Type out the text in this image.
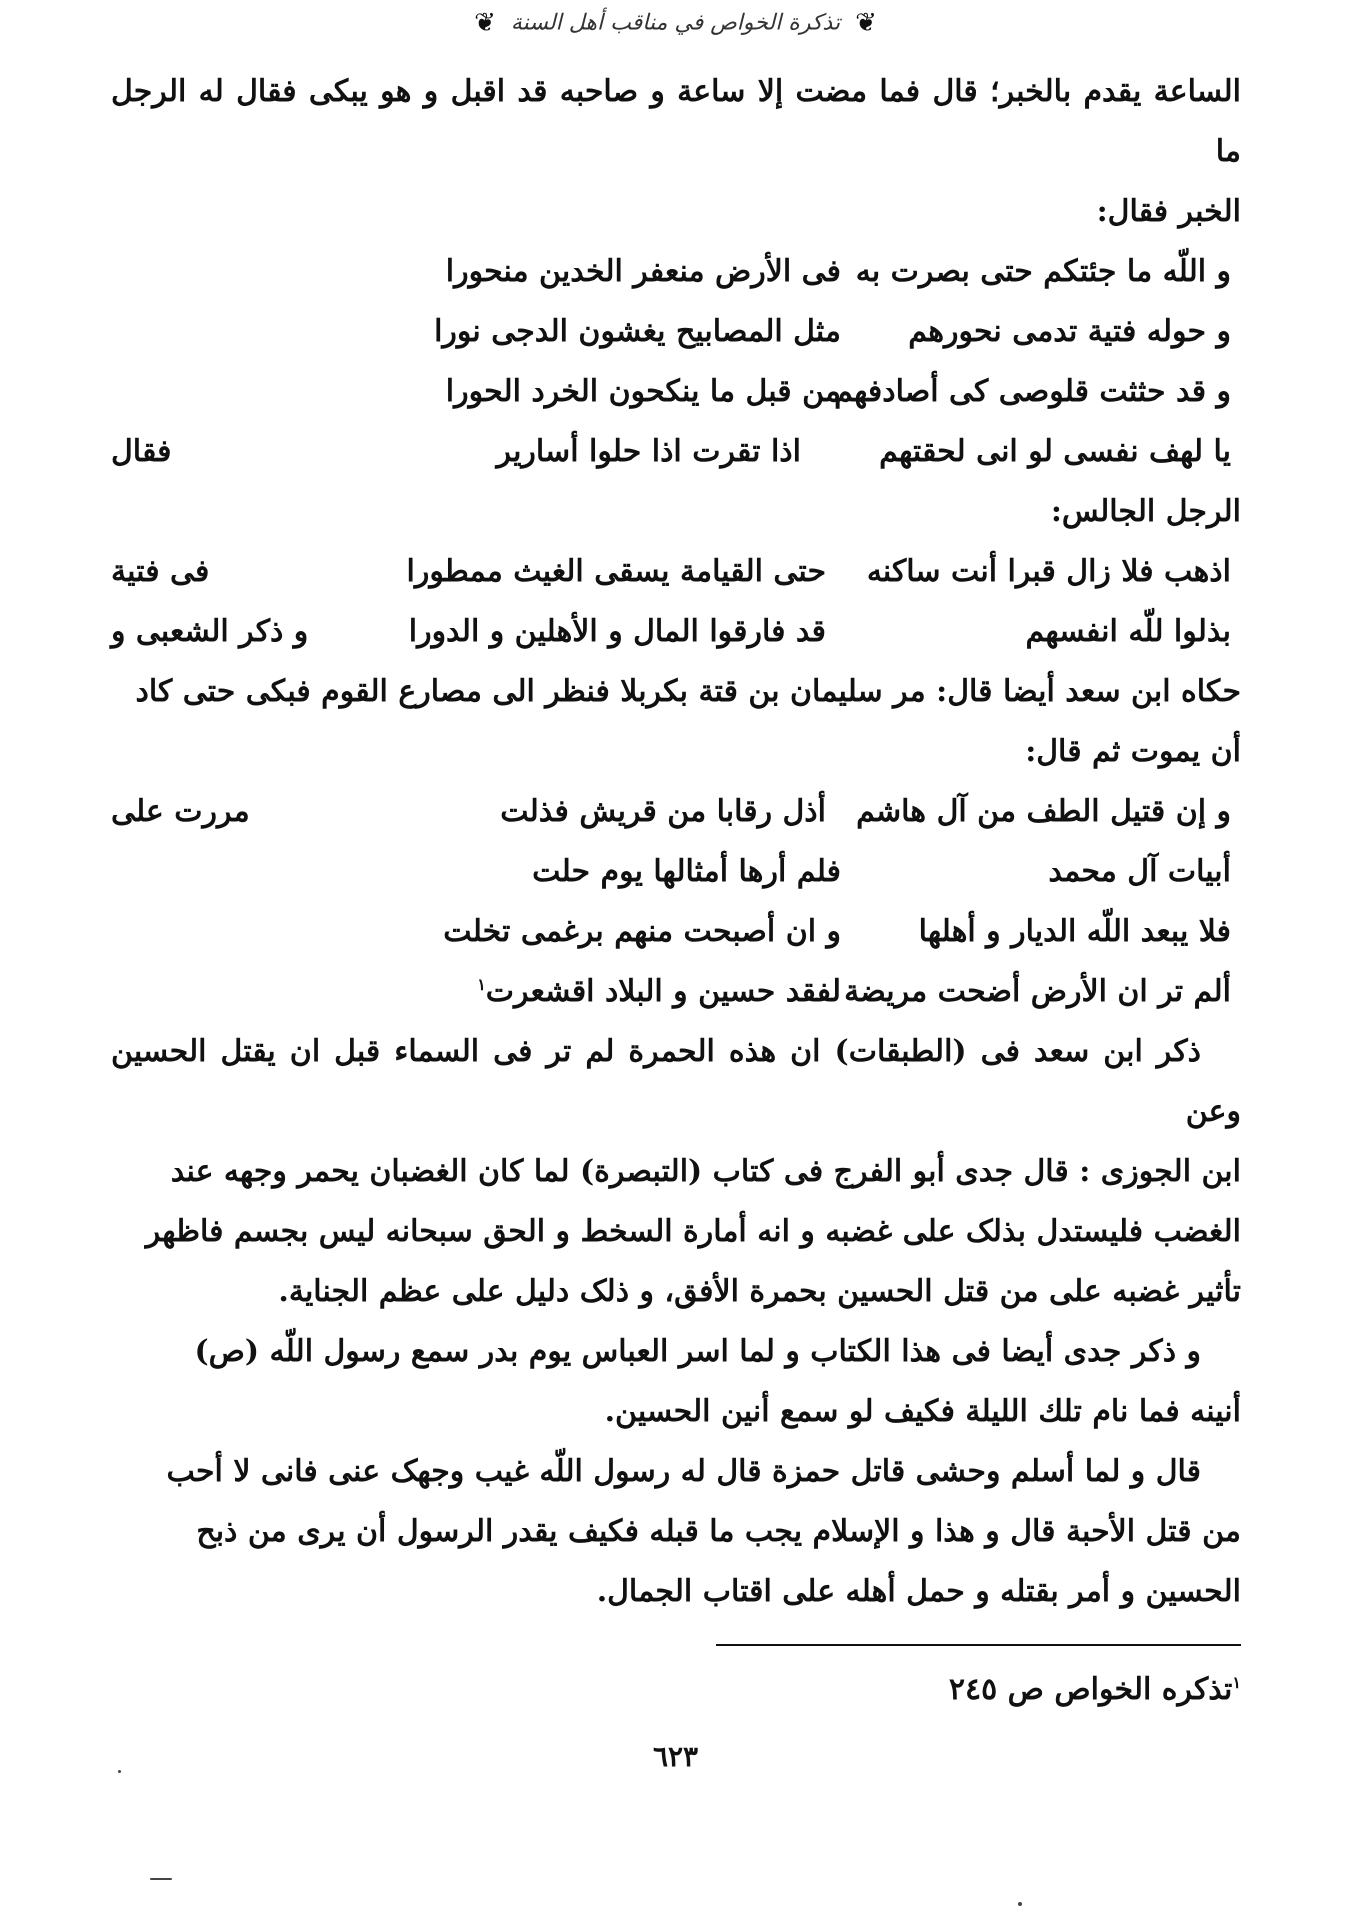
❦ تذكرة الخواص في مناقب أهل السنة ❦

الساعة يقدم بالخبر؛ قال فما مضت إلا ساعة و صاحبه قد اقبل و هو يبكى فقال له الرجل ما

الخبر فقال:

و اللّه ما جئتكم حتى بصرت به
فى الأرض منعفر الخدين منحورا
و حوله فتية تدمى نحورهم
مثل المصابيح يغشون الدجى نورا
و قد حثثت قلوصى كى أصادفهم
من قبل ما ينكحون الخرد الحورا
يا لهف نفسى لو انى لحقتهم
اذا تقرت اذا حلوا أسارير
فقال

الرجل الجالس:

اذهب فلا زال قبرا أنت ساكنه
حتى القيامة يسقى الغيث ممطورا
فى فتية
بذلوا للّه انفسهم
قد فارقوا المال و الأهلين و الدورا
و ذكر الشعبى و

حكاه ابن سعد أيضا قال: مر سليمان بن قتة بكربلا فنظر الى مصارع القوم فبكى حتى كاد

أن يموت ثم قال:

و إن قتيل الطف من آل هاشم
أذل رقابا من قريش فذلت
مررت على
أبيات آل محمد
فلم أرها أمثالها يوم حلت
فلا يبعد اللّه الديار و أهلها
و ان أصبحت منهم برغمى تخلت
ألم تر ان الأرض أضحت مريضة
لفقد حسين و البلاد اقشعرت$^١$

ذكر ابن سعد فى (الطبقات) ان هذه الحمرة لم تر فى السماء قبل ان يقتل الحسين وعن

ابن الجوزى : قال جدى أبو الفرج فى كتاب (التبصرة) لما كان الغضبان يحمر وجهه عند

الغضب فليستدل بذلک على غضبه و انه أمارة السخط و الحق سبحانه ليس بجسم فاظهر

تأثير غضبه على من قتل الحسين بحمرة الأفق، و ذلک دليل على عظم الجناية.

و ذكر جدى أيضا فى هذا الكتاب و لما اسر العباس يوم بدر سمع رسول اللّه (ص)

أنينه فما نام تلك الليلة فكيف لو سمع أنين الحسين.

قال و لما أسلم وحشى قاتل حمزة قال له رسول اللّه غيب وجهک عنى فانى لا أحب

من قتل الأحبة قال و هذا و الإسلام يجب ما قبله فكيف يقدر الرسول أن يرى من ذبح

الحسين و أمر بقتله و حمل أهله على اقتاب الجمال.

$^١$تذكره الخواص ص ٢٤٥
٦٢٣
